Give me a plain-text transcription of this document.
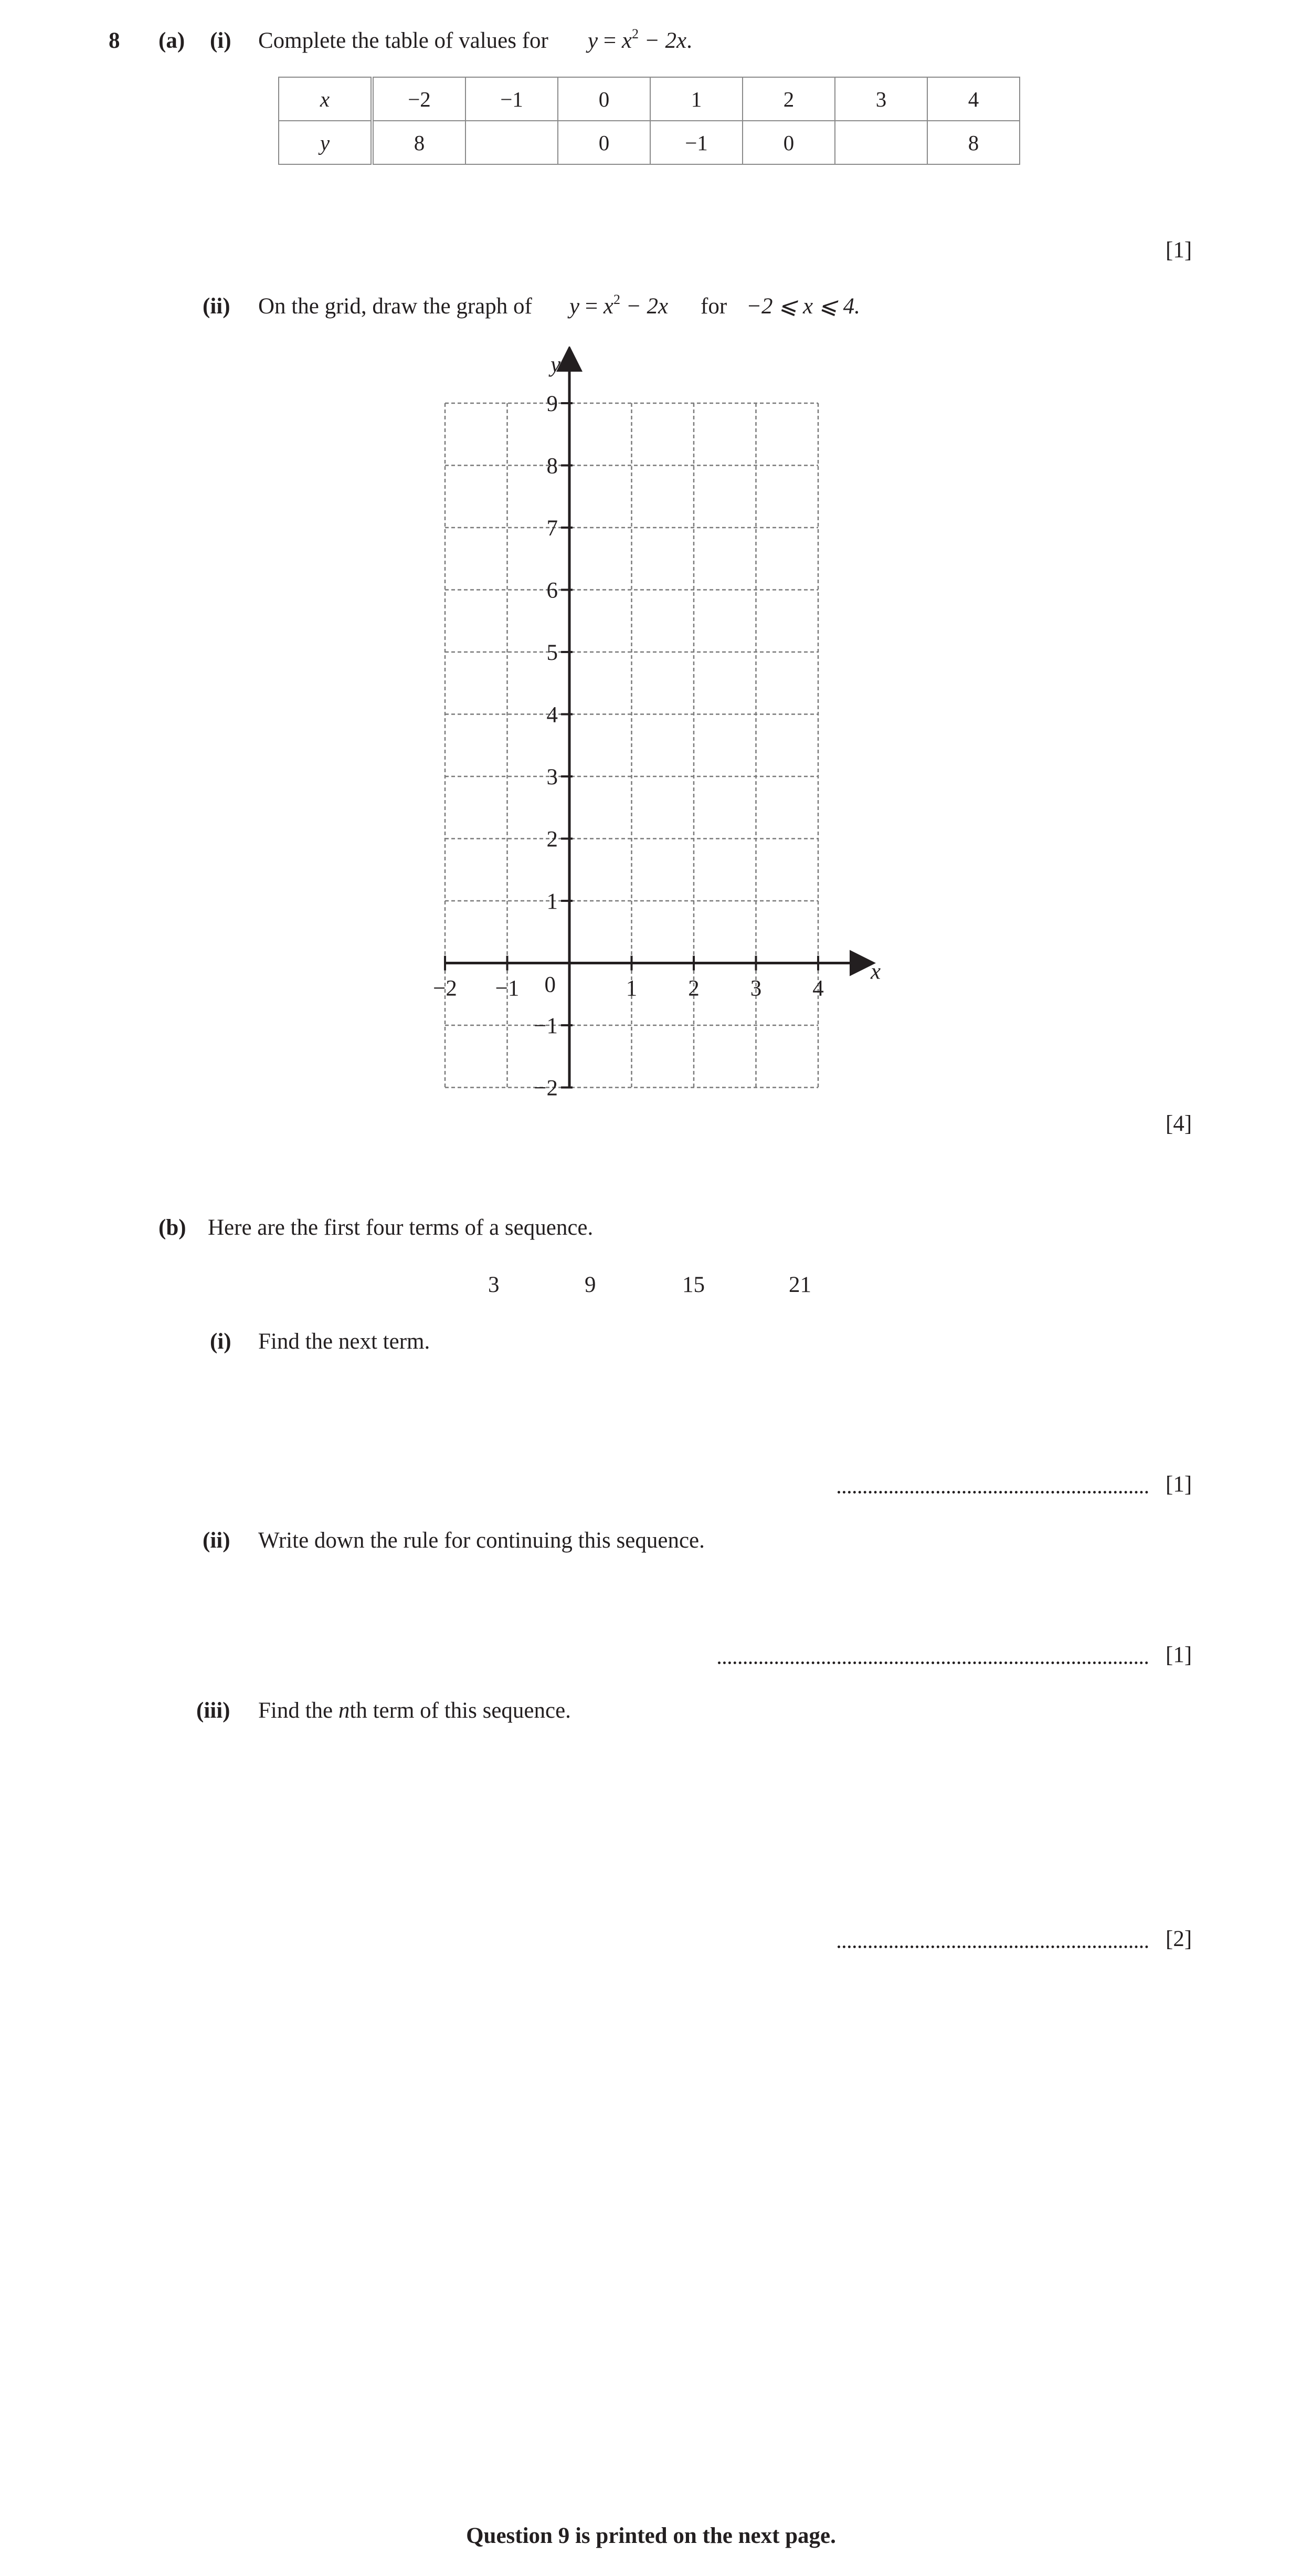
8 (a) (i) Complete the table of values for $y = x^2 - 2x$.
x	−2	−1	0	1	2	3	4
y	8		0	−1	0		8
[1]
(ii) On the grid, draw the graph of $y = x^2 - 2x$ for −2 ⩽ x ⩽ 4.
x
y
−2 −1	1 2 3 4
−2
−1
1
2
3
4
5
6
7
8
9
0
[4]
(b) Here are the first four terms of a sequence.
3	9	15	21
(i) Find the next term.
[1]
(ii) Write down the rule for continuing this sequence.
[1]
(iii) Find the nth term of this sequence.
[2]
Question 9 is printed on the next page.
